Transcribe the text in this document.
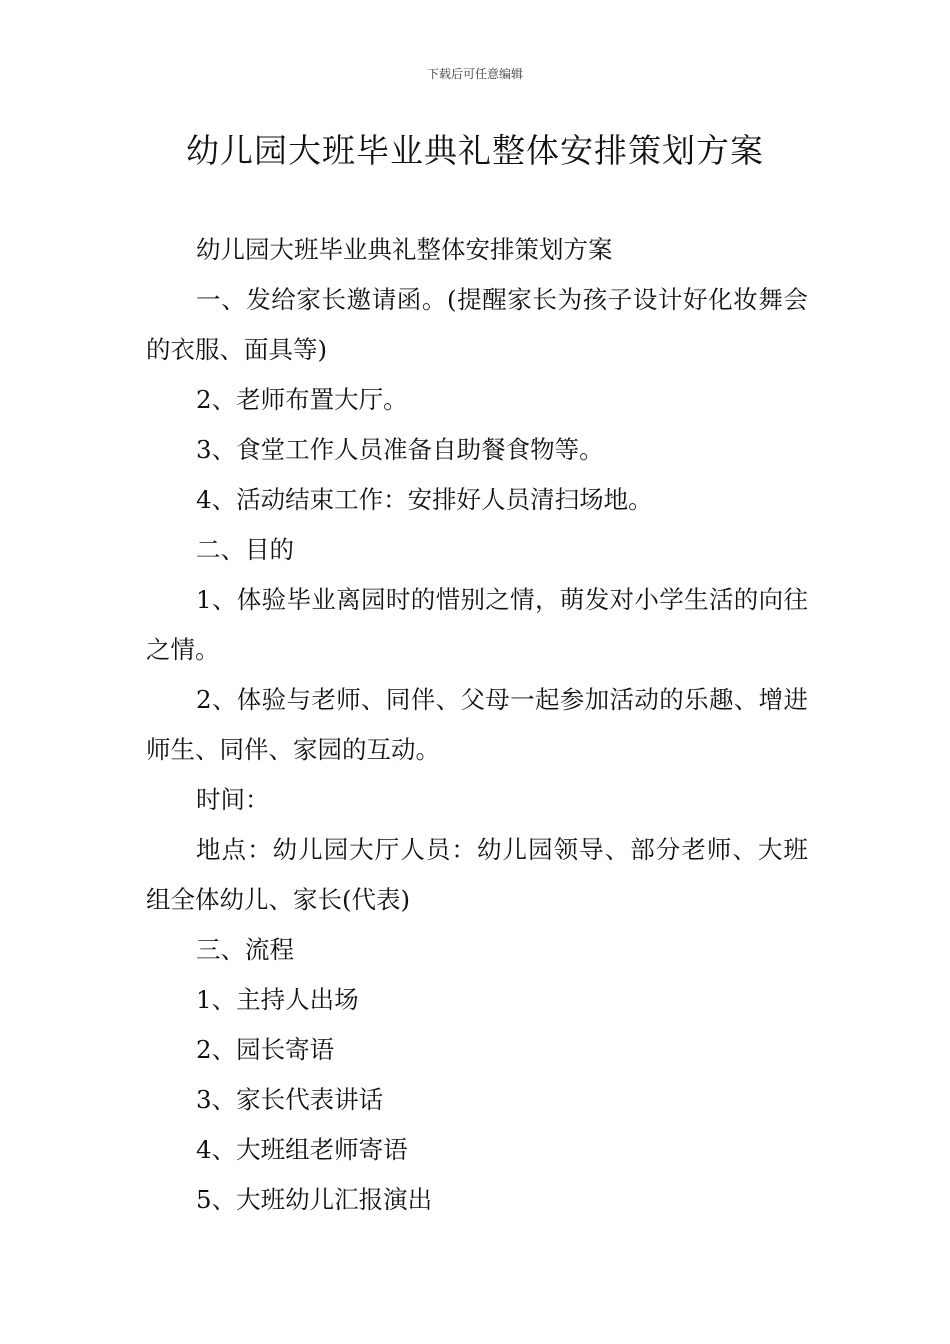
下载后可任意编辑
幼儿园大班毕业典礼整体安排策划方案

幼儿园大班毕业典礼整体安排策划方案

一、发给家长邀请函。(提醒家长为孩子设计好化妆舞会的衣服、面具等)

2、老师布置大厅。

3、食堂工作人员准备自助餐食物等。

4、活动结束工作：安排好人员清扫场地。

二、目的

1、体验毕业离园时的惜别之情，萌发对小学生活的向往之情。

2、体验与老师、同伴、父母一起参加活动的乐趣、增进师生、同伴、家园的互动。

时间：

地点：幼儿园大厅人员：幼儿园领导、部分老师、大班组全体幼儿、家长(代表)

三、流程

1、主持人出场

2、园长寄语

3、家长代表讲话

4、大班组老师寄语

5、大班幼儿汇报演出
